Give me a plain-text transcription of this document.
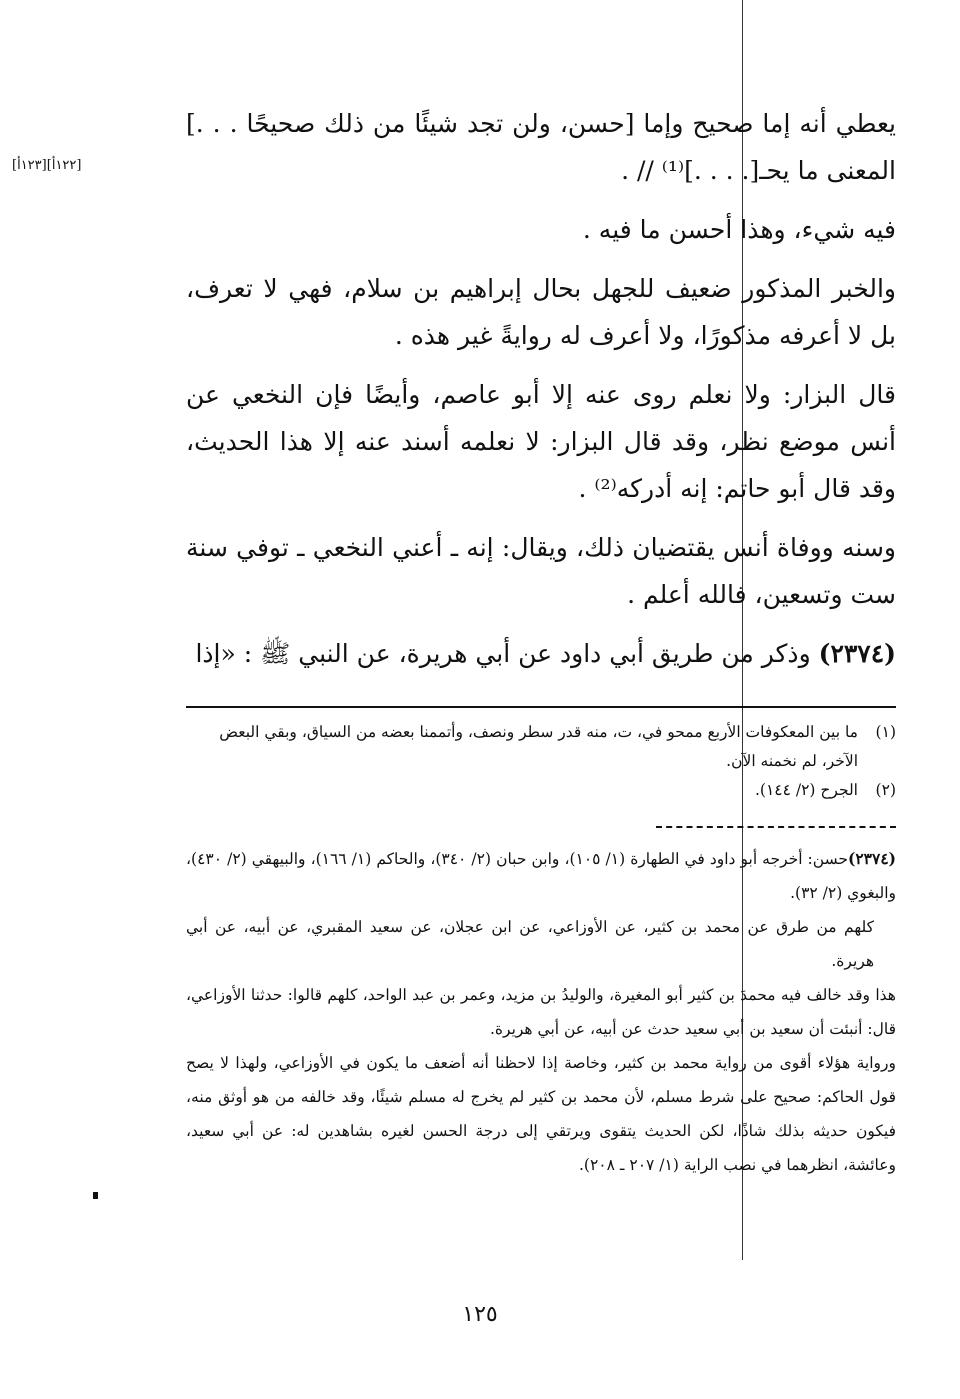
[١٢٣أ][١٢٢أ]

يعطي أنه إما صحيح وإما [حسن، ولن تجد شيئًا من ذلك صحيحًا . . .] المعنى ما يحـ[. . . .]⁽¹⁾ // .

فيه شيء، وهذا أحسن ما فيه .

والخبر المذكور ضعيف للجهل بحال إبراهيم بن سلام، فهي لا تعرف، بل لا أعرفه مذكورًا، ولا أعرف له روايةً غير هذه .

قال البزار: ولا نعلم روى عنه إلا أبو عاصم، وأيضًا فإن النخعي عن أنس موضع نظر، وقد قال البزار: لا نعلمه أسند عنه إلا هذا الحديث، وقد قال أبو حاتم: إنه أدركه⁽²⁾ .

وسنه ووفاة أنس يقتضيان ذلك، ويقال: إنه ـ أعني النخعي ـ توفي سنة ست وتسعين، فالله أعلم .

(٢٣٧٤) وذكر من طريق أبي داود عن أبي هريرة، عن النبي ﷺ : «إذا

(١)ما بين المعكوفات الأربع ممحو في، ت، منه قدر سطر ونصف، وأتممنا بعضه من السياق، وبقي البعض

الآخر، لم نخمنه الآن.

(٢)الجرح (٢/ ١٤٤).

(٢٣٧٤)حسن: أخرجه أبو داود في الطهارة (١/ ١٠٥)، وابن حبان (٢/ ٣٤٠)، والحاكم (١/ ١٦٦)، والبيهقي (٢/ ٤٣٠)، والبغوي (٢/ ٣٢).

كلهم من طرق عن محمد بن كثير، عن الأوزاعي، عن ابن عجلان، عن سعيد المقبري، عن أبيه، عن أبي هريرة.

هذا وقد خالف فيه محمدَ بن كثير أبو المغيرة، والوليدُ بن مزيد، وعمر بن عبد الواحد، كلهم قالوا: حدثنا الأوزاعي، قال: أنبئت أن سعيد بن أبي سعيد حدث عن أبيه، عن أبي هريرة.

ورواية هؤلاء أقوى من رواية محمد بن كثير، وخاصة إذا لاحظنا أنه أضعف ما يكون في الأوزاعي، ولهذا لا يصح قول الحاكم: صحيح على شرط مسلم، لأن محمد بن كثير لم يخرج له مسلم شيئًا، وقد خالفه من هو أوثق منه، فيكون حديثه بذلك شاذًا، لكن الحديث يتقوى ويرتقي إلى درجة الحسن لغيره بشاهدين له: عن أبي سعيد، وعائشة، انظرهما في نصب الراية (١/ ٢٠٧ ـ ٢٠٨).

١٢٥
